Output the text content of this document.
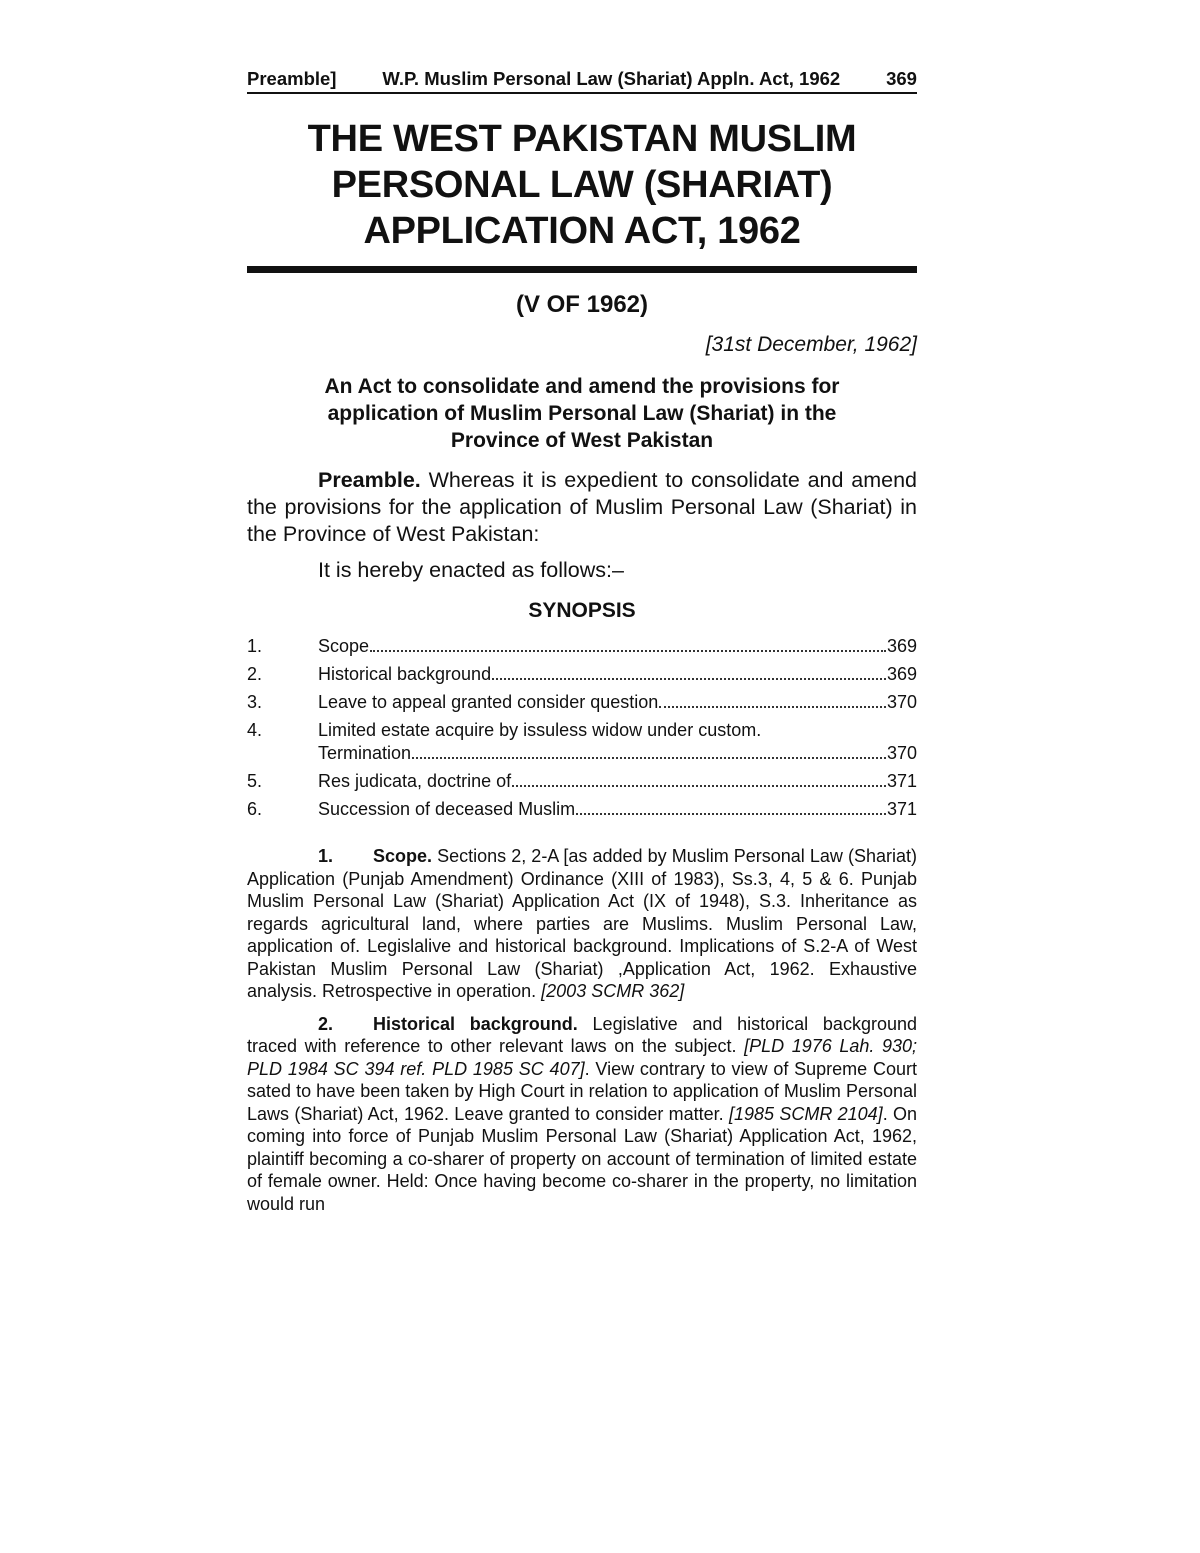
Preamble] W.P. Muslim Personal Law (Shariat) Appln. Act, 1962 369
THE WEST PAKISTAN MUSLIM
PERSONAL LAW (SHARIAT)
APPLICATION ACT, 1962
(V OF 1962)
[31st December, 1962]
An Act to consolidate and amend the provisions for
application of Muslim Personal Law (Shariat) in the
Province of West Pakistan
Preamble. Whereas it is expedient to consolidate and amend the provisions for the application of Muslim Personal Law (Shariat) in the Province of West Pakistan:
It is hereby enacted as follows:–
SYNOPSIS
1.	Scope	369
2.	Historical background	369
3.	Leave to appeal granted consider question	370
4.	Limited estate acquire by issuless widow under custom.
Termination	370
5.	Res judicata, doctrine of	371
6.	Succession of deceased Muslim	371
1. Scope. Sections 2, 2-A [as added by Muslim Personal Law (Shariat) Application (Punjab Amendment) Ordinance (XIII of 1983), Ss.3, 4, 5 & 6. Punjab Muslim Personal Law (Shariat) Application Act (IX of 1948), S.3. Inheritance as regards agricultural land, where parties are Muslims. Muslim Personal Law, application of. Legislalive and historical background. Implications of S.2-A of West Pakistan Muslim Personal Law (Shariat) ,Application Act, 1962. Exhaustive analysis. Retrospective in operation. [2003 SCMR 362]
2. Historical background. Legislative and historical background traced with reference to other relevant laws on the subject. [PLD 1976 Lah. 930; PLD 1984 SC 394 ref. PLD 1985 SC 407]. View contrary to view of Supreme Court sated to have been taken by High Court in relation to application of Muslim Personal Laws (Shariat) Act, 1962. Leave granted to consider matter. [1985 SCMR 2104]. On coming into force of Punjab Muslim Personal Law (Shariat) Application Act, 1962, plaintiff becoming a co-sharer of property on account of termination of limited estate of female owner. Held: Once having become co-sharer in the property, no limitation would run
